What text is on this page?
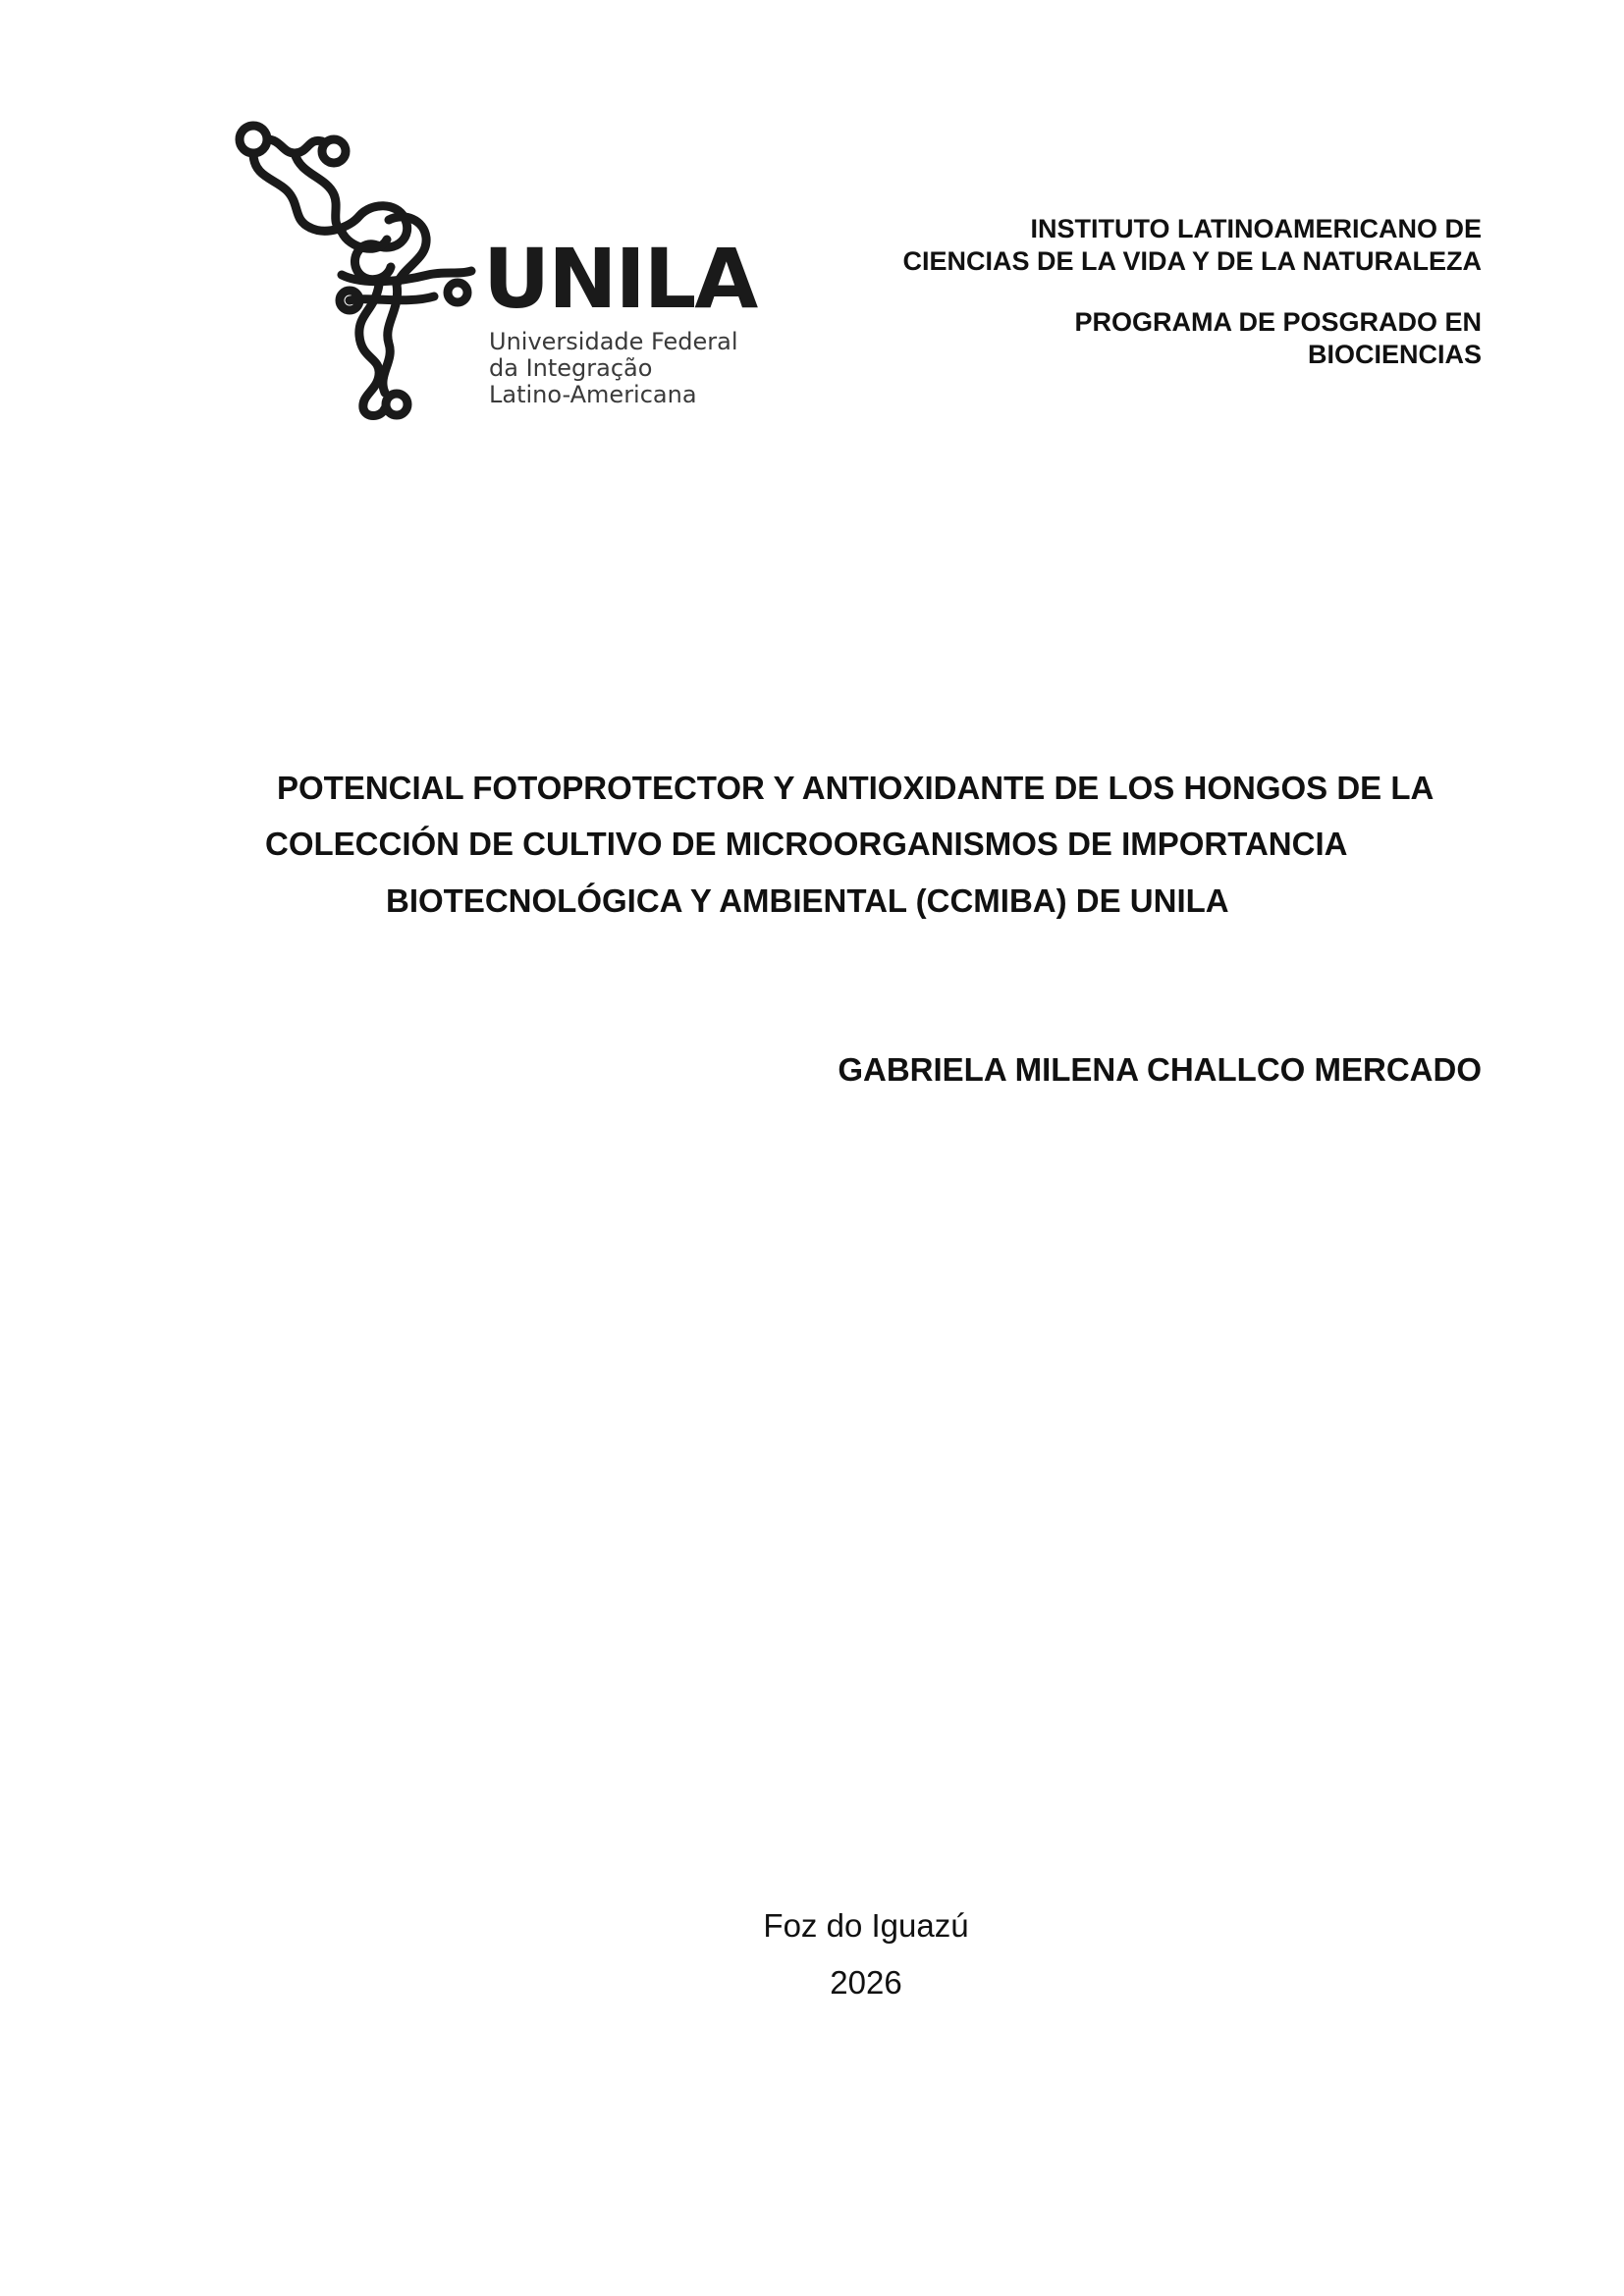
UNILA
Universidade Federal
da Integração
Latino-Americana
INSTITUTO LATINOAMERICANO DE
CIENCIAS DE LA VIDA Y DE LA NATURALEZA
PROGRAMA DE POSGRADO EN
BIOCIENCIAS
POTENCIAL FOTOPROTECTOR Y ANTIOXIDANTE DE LOS HONGOS DE LA
COLECCIÓN DE CULTIVO DE MICROORGANISMOS DE IMPORTANCIA
BIOTECNOLÓGICA Y AMBIENTAL (CCMIBA) DE UNILA
GABRIELA MILENA CHALLCO MERCADO
Foz do Iguazú
2026
